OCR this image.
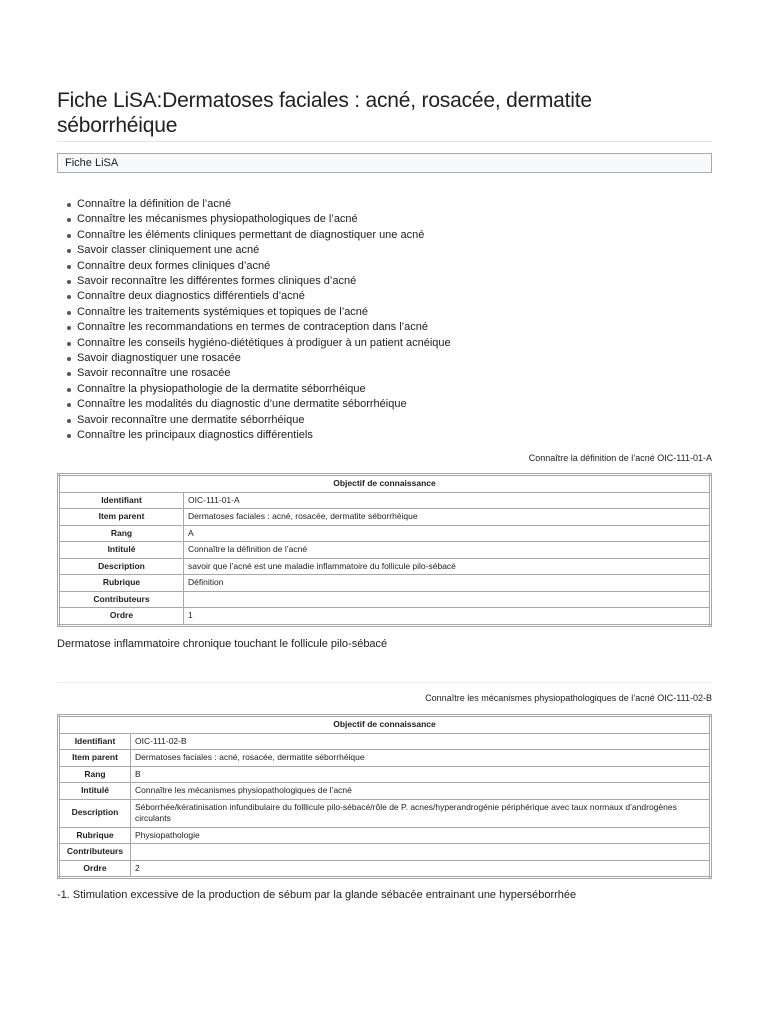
Fiche LiSA:Dermatoses faciales : acné, rosacée, dermatite
séborrhéique
Fiche LiSA
Connaître la définition de l’acné
Connaître les mécanismes physiopathologiques de l’acné
Connaître les éléments cliniques permettant de diagnostiquer une acné
Savoir classer cliniquement une acné
Connaître deux formes cliniques d’acné
Savoir reconnaître les différentes formes cliniques d’acné
Connaître deux diagnostics différentiels d’acné
Connaître les traitements systémiques et topiques de l’acné
Connaître les recommandations en termes de contraception dans l’acné
Connaître les conseils hygiéno-diététiques à prodiguer à un patient acnéique
Savoir diagnostiquer une rosacée
Savoir reconnaître une rosacée
Connaître la physiopathologie de la dermatite séborrhéique
Connaître les modalités du diagnostic d’une dermatite séborrhéique
Savoir reconnaître une dermatite séborrhéique
Connaître les principaux diagnostics différentiels
Connaître la définition de l’acné OIC-111-01-A
Objectif de connaissance	
Identifiant	OIC-111-01-A
Item parent	Dermatoses faciales : acné, rosacée, dermatite séborrhéique
Rang	A
Intitulé	Connaître la définition de l’acné
Description	savoir que l’acné est une maladie inflammatoire du follicule pilo-sébacé
Rubrique	Définition
Contributeurs	
Ordre	1
Dermatose inflammatoire chronique touchant le follicule pilo-sébacé
Connaître les mécanismes physiopathologiques de l’acné OIC-111-02-B
Objectif de connaissance	
Identifiant	OIC-111-02-B
Item parent	Dermatoses faciales : acné, rosacée, dermatite séborrhéique
Rang	B
Intitulé	Connaître les mécanismes physiopathologiques de l’acné
Description	Séborrhée/kératinisation infundibulaire du folllicule pilo-sébacé/rôle de P. acnes/hyperandrogénie périphérique avec taux normaux d’androgènes circulants
Rubrique	Physiopathologie
Contributeurs	
Ordre	2
-1. Stimulation excessive de la production de sébum par la glande sébacée entrainant une hyperséborrhée
